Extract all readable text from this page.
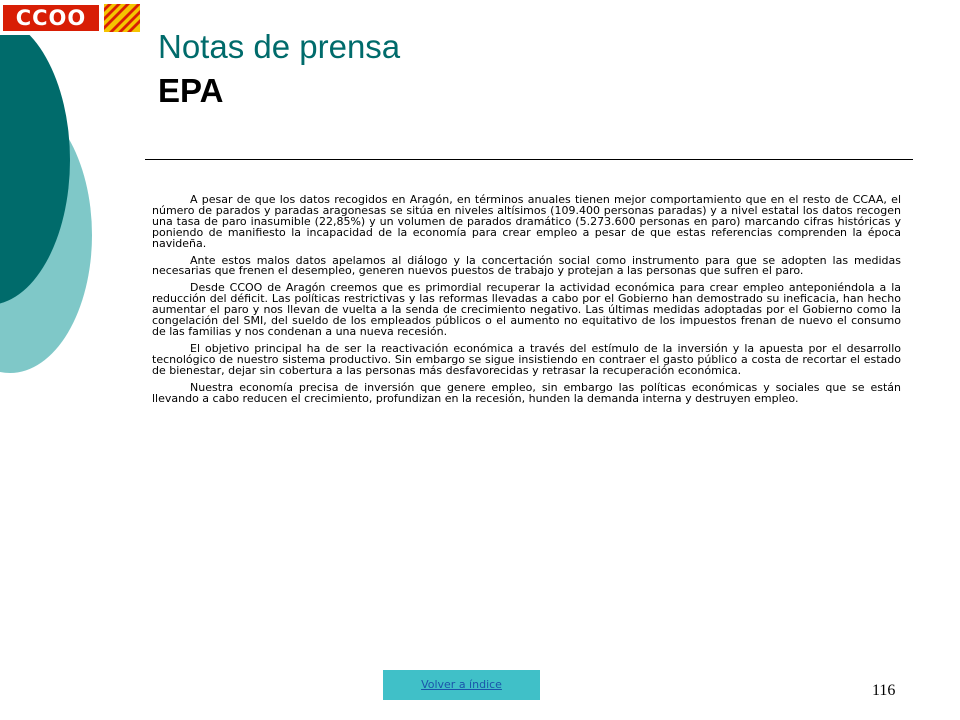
CCOO
Notas de prensa
EPA

A pesar de que los datos recogidos en Aragón, en términos anuales tienen mejor comportamiento que en el resto de CCAA, el número de parados y paradas aragonesas se sitúa en niveles altísimos (109.400 personas paradas) y a nivel estatal los datos recogen una tasa de paro inasumible (22,85%) y un volumen de parados dramático (5.273.600 personas en paro) marcando cifras históricas y poniendo de manifiesto la incapacidad de la economía para crear empleo a pesar de que estas referencias comprenden la época navideña.

Ante estos malos datos apelamos al diálogo y la concertación social como instrumento para que se adopten las medidas necesarias que frenen el desempleo, generen nuevos puestos de trabajo y protejan a las personas que sufren el paro.

Desde CCOO de Aragón creemos que es primordial recuperar la actividad económica para crear empleo anteponiéndola a la reducción del déficit. Las políticas restrictivas y las reformas llevadas a cabo por el Gobierno han demostrado su ineficacia, han hecho aumentar el paro y nos llevan de vuelta a la senda de crecimiento negativo. Las últimas medidas adoptadas por el Gobierno como la congelación del SMI, del sueldo de los empleados públicos o el aumento no equitativo de los impuestos frenan de nuevo el consumo de las familias y nos condenan a una nueva recesión.

El objetivo principal ha de ser la reactivación económica a través del estímulo de la inversión y la apuesta por el desarrollo tecnológico de nuestro sistema productivo. Sin embargo se sigue insistiendo en contraer el gasto público a costa de recortar el estado de bienestar, dejar sin cobertura a las personas más desfavorecidas y retrasar la recuperación económica.

Nuestra economía precisa de inversión que genere empleo, sin embargo las políticas económicas y sociales que se están llevando a cabo reducen el crecimiento, profundizan en la recesión, hunden la demanda interna y destruyen empleo.

Volver a índice	116
